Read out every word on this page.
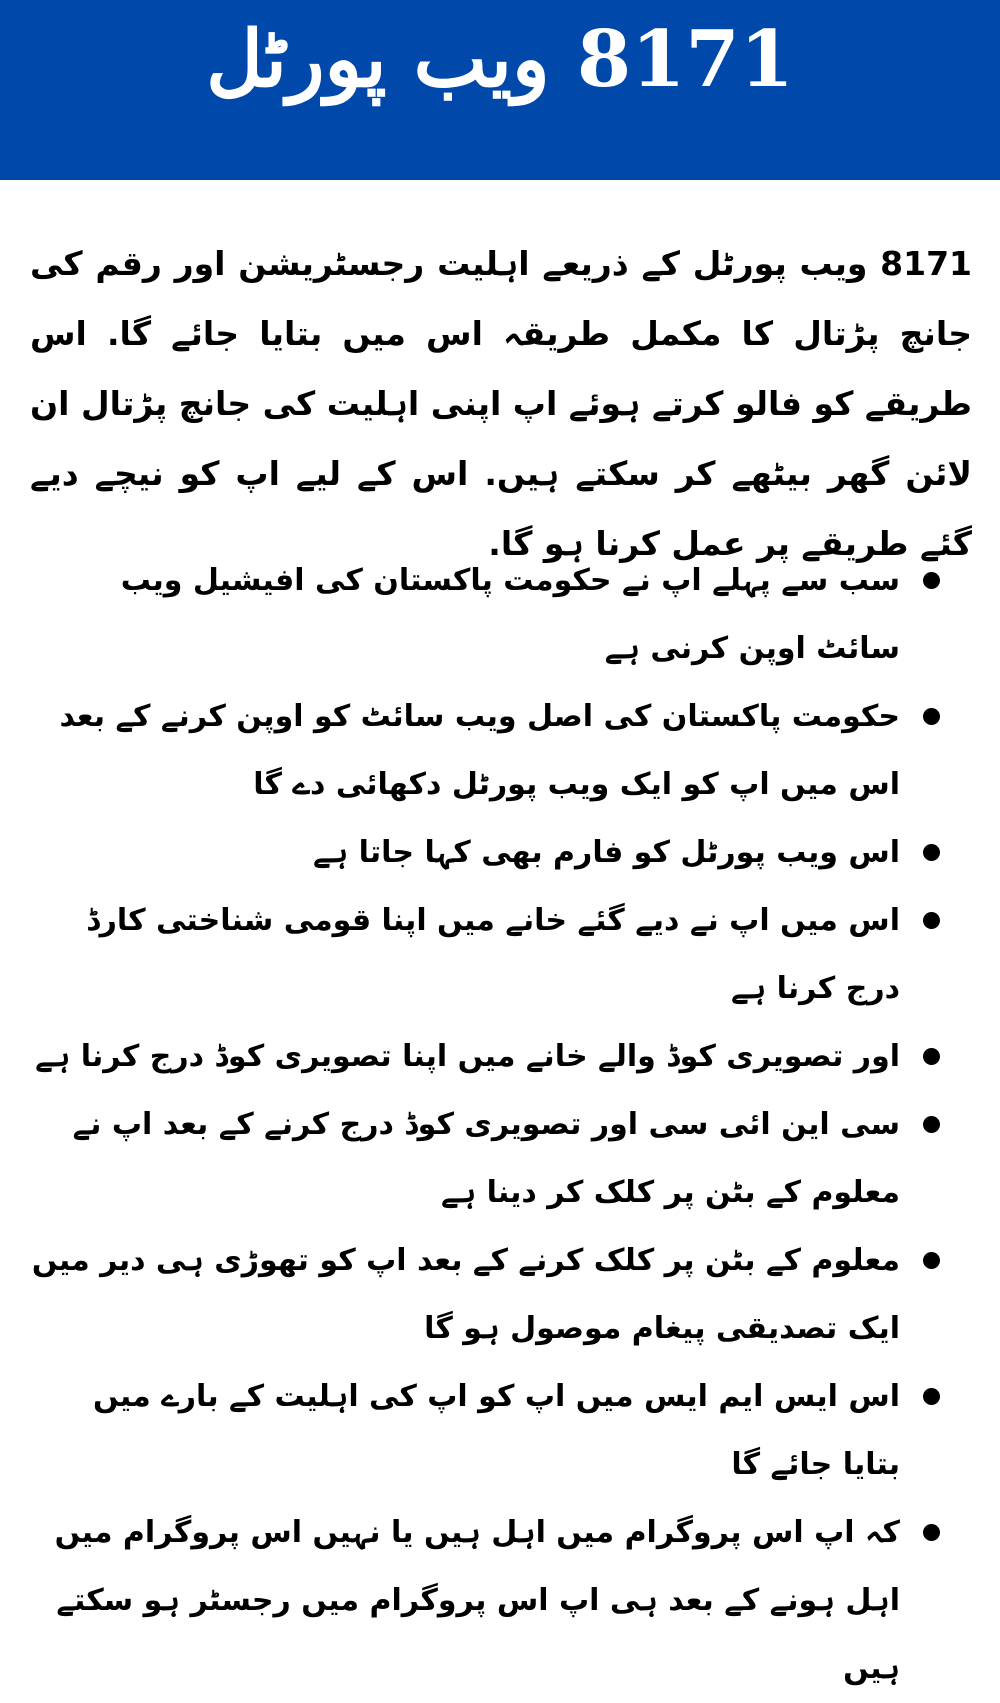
8171 ویب پورٹل

8171 ویب پورٹل کے ذریعے اہلیت رجسٹریشن اور رقم کی جانچ پڑتال کا مکمل طریقہ اس میں بتایا جائے گا. اس طریقے کو فالو کرتے ہوئے اپ اپنی اہلیت کی جانچ پڑتال ان لائن گھر بیٹھے کر سکتے ہیں. اس کے لیے اپ کو نیچے دیے گئے طریقے پر عمل کرنا ہو گا.

سب سے پہلے اپ نے حکومت پاکستان کی افیشیل ویب سائٹ اوپن کرنی ہے
حکومت پاکستان کی اصل ویب سائٹ کو اوپن کرنے کے بعد اس میں اپ کو ایک ویب پورٹل دکھائی دے گا
اس ویب پورٹل کو فارم بھی کہا جاتا ہے
اس میں اپ نے دیے گئے خانے میں اپنا قومی شناختی کارڈ درج کرنا ہے
اور تصویری کوڈ والے خانے میں اپنا تصویری کوڈ درج کرنا ہے
سی این ائی سی اور تصویری کوڈ درج کرنے کے بعد اپ نے معلوم کے بٹن پر کلک کر دینا ہے
معلوم کے بٹن پر کلک کرنے کے بعد اپ کو تھوڑی ہی دیر میں ایک تصدیقی پیغام موصول ہو گا
اس ایس ایم ایس میں اپ کو اپ کی اہلیت کے بارے میں بتایا جائے گا
کہ اپ اس پروگرام میں اہل ہیں یا نہیں اس پروگرام میں اہل ہونے کے بعد ہی اپ اس پروگرام میں رجسٹر ہو سکتے ہیں
